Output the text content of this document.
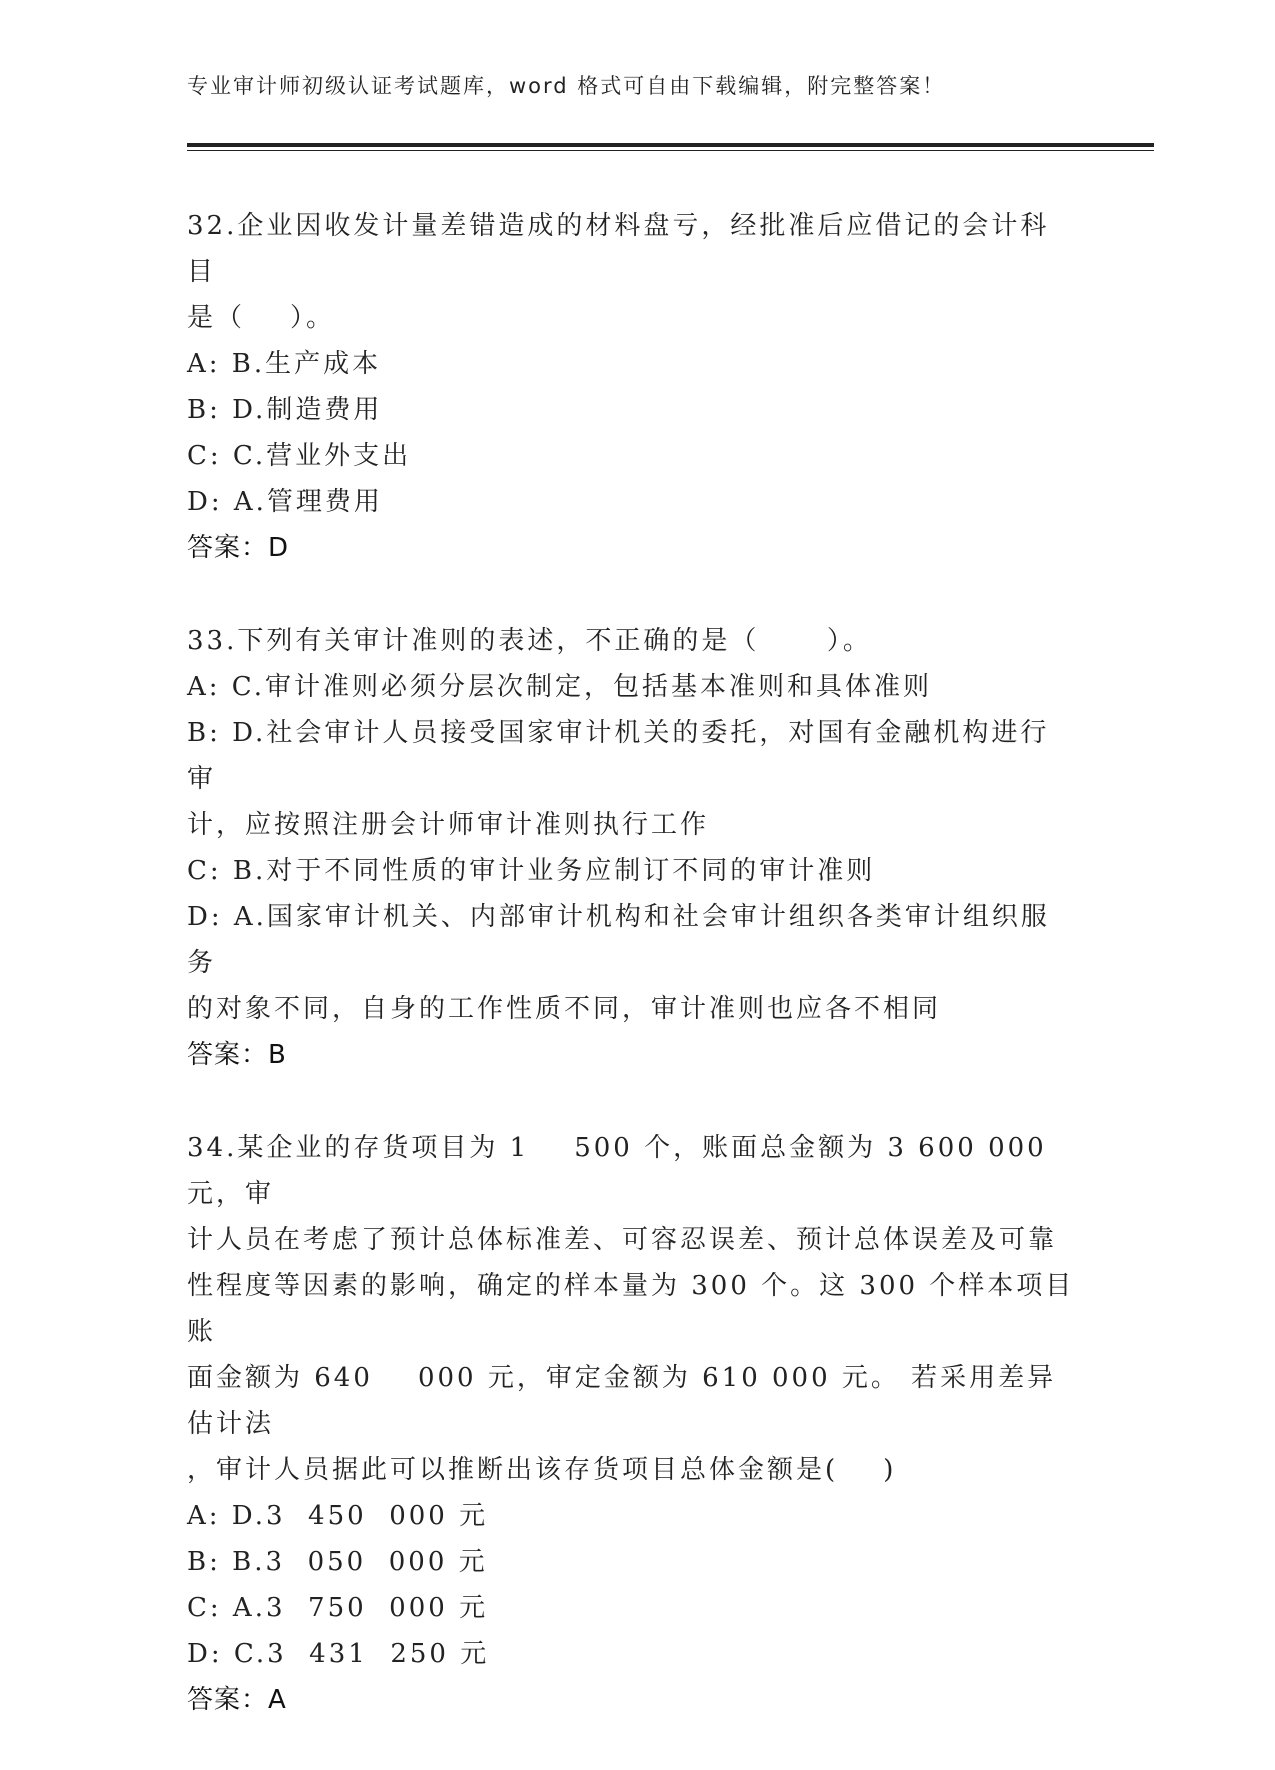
专业审计师初级认证考试题库，word 格式可自由下载编辑，附完整答案！
32.企业因收发计量差错造成的材料盘亏，经批准后应借记的会计科目
是（    ）。
A: B.生产成本
B: D.制造费用
C: C.营业外支出
D: A.管理费用
答案：D
33.下列有关审计准则的表述，不正确的是（      ）。
A: C.审计准则必须分层次制定，包括基本准则和具体准则
B: D.社会审计人员接受国家审计机关的委托，对国有金融机构进行审
计，应按照注册会计师审计准则执行工作
C: B.对于不同性质的审计业务应制订不同的审计准则
D: A.国家审计机关、内部审计机构和社会审计组织各类审计组织服务
的对象不同，自身的工作性质不同，审计准则也应各不相同
答案：B
34.某企业的存货项目为 1    500 个，账面总金额为 3 600 000 元，审
计人员在考虑了预计总体标准差、可容忍误差、预计总体误差及可靠
性程度等因素的影响，确定的样本量为 300 个。这 300 个样本项目账
面金额为 640    000 元，审定金额为 610 000 元。 若采用差异估计法
，审计人员据此可以推断出该存货项目总体金额是(    )
A: D.3  450  000 元
B: B.3  050  000 元
C: A.3  750  000 元
D: C.3  431  250 元
答案：A
